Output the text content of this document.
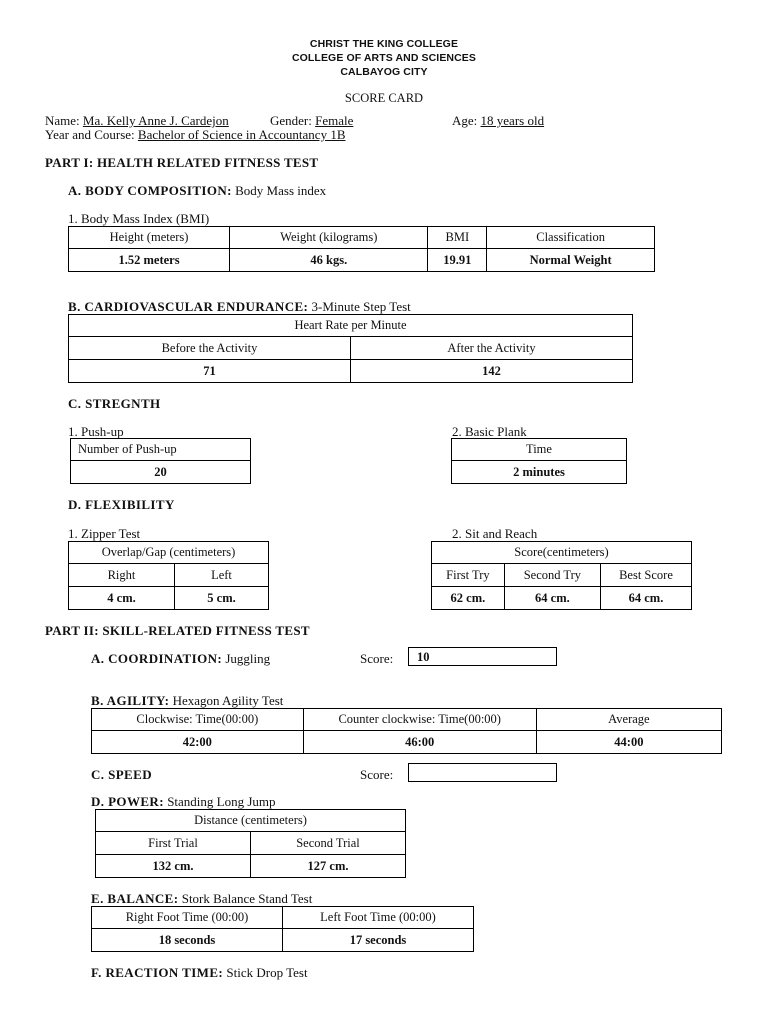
CHRIST THE KING COLLEGE
COLLEGE OF ARTS AND SCIENCES
CALBAYOG CITY
SCORE CARD
Name: Ma. Kelly Anne J. Cardejon	Gender: Female	Age: 18 years old
Year and Course: Bachelor of Science in Accountancy 1B
PART I: HEALTH RELATED FITNESS TEST
A. BODY COMPOSITION: Body Mass index
1. Body Mass Index (BMI)
Height (meters)	Weight (kilograms)	BMI	Classification
1.52 meters	46 kgs.	19.91	Normal Weight
B. CARDIOVASCULAR ENDURANCE: 3-Minute Step Test
Heart Rate per Minute	
Before the Activity	After the Activity
71	142
C. STREGNTH
1. Push-up	2. Basic Plank
Number of Push-up
20
Time
2 minutes
D. FLEXIBILITY
1. Zipper Test	2. Sit and Reach
Overlap/Gap (centimeters)	
Right	Left
4 cm.	5 cm.
Score(centimeters)		
First Try	Second Try	Best Score
62 cm.	64 cm.	64 cm.
PART II: SKILL-RELATED FITNESS TEST
A. COORDINATION: Juggling	Score:	10
B. AGILITY: Hexagon Agility Test
Clockwise: Time(00:00)	Counter clockwise: Time(00:00)	Average
42:00	46:00	44:00
C. SPEED	Score:
D. POWER: Standing Long Jump
Distance (centimeters)	
First Trial	Second Trial
132 cm.	127 cm.
E. BALANCE: Stork Balance Stand Test
Right Foot Time (00:00)	Left Foot Time (00:00)
18 seconds	17 seconds
F. REACTION TIME: Stick Drop Test
